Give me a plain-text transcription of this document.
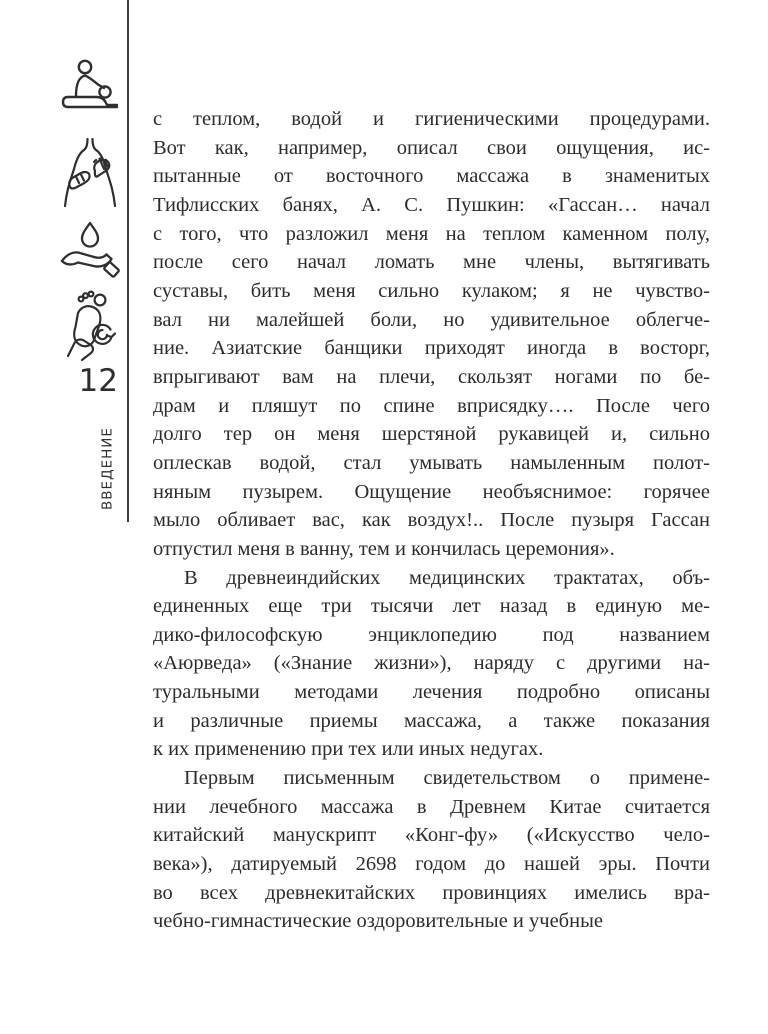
12
ВВЕДЕНИЕ
с теплом, водой и гигиеническими процедурами.
Вот как, например, описал свои ощущения, ис-
пытанные от восточного массажа в знаменитых
Тифлисских банях, А. С. Пушкин: «Гассан… начал
с того, что разложил меня на теплом каменном полу,
после сего начал ломать мне члены, вытягивать
суставы, бить меня сильно кулаком; я не чувство-
вал ни малейшей боли, но удивительное облегче-
ние. Азиатские банщики приходят иногда в восторг,
впрыгивают вам на плечи, скользят ногами по бе-
драм и пляшут по спине вприсядку…. После чего
долго тер он меня шерстяной рукавицей и, сильно
оплескав водой, стал умывать намыленным полот-
няным пузырем. Ощущение необъяснимое: горячее
мыло обливает вас, как воздух!.. После пузыря Гассан
отпустил меня в ванну, тем и кончилась церемония».
В древнеиндийских медицинских трактатах, объ-
единенных еще три тысячи лет назад в единую ме-
дико-философскую энциклопедию под названием
«Аюрведа» («Знание жизни»), наряду с другими на-
туральными методами лечения подробно описаны
и различные приемы массажа, а также показания
к их применению при тех или иных недугах.
Первым письменным свидетельством о примене-
нии лечебного массажа в Древнем Китае считается
китайский манускрипт «Конг-фу» («Искусство чело-
века»), датируемый 2698 годом до нашей эры. Почти
во всех древнекитайских провинциях имелись вра-
чебно-гимнастические оздоровительные и учебные
